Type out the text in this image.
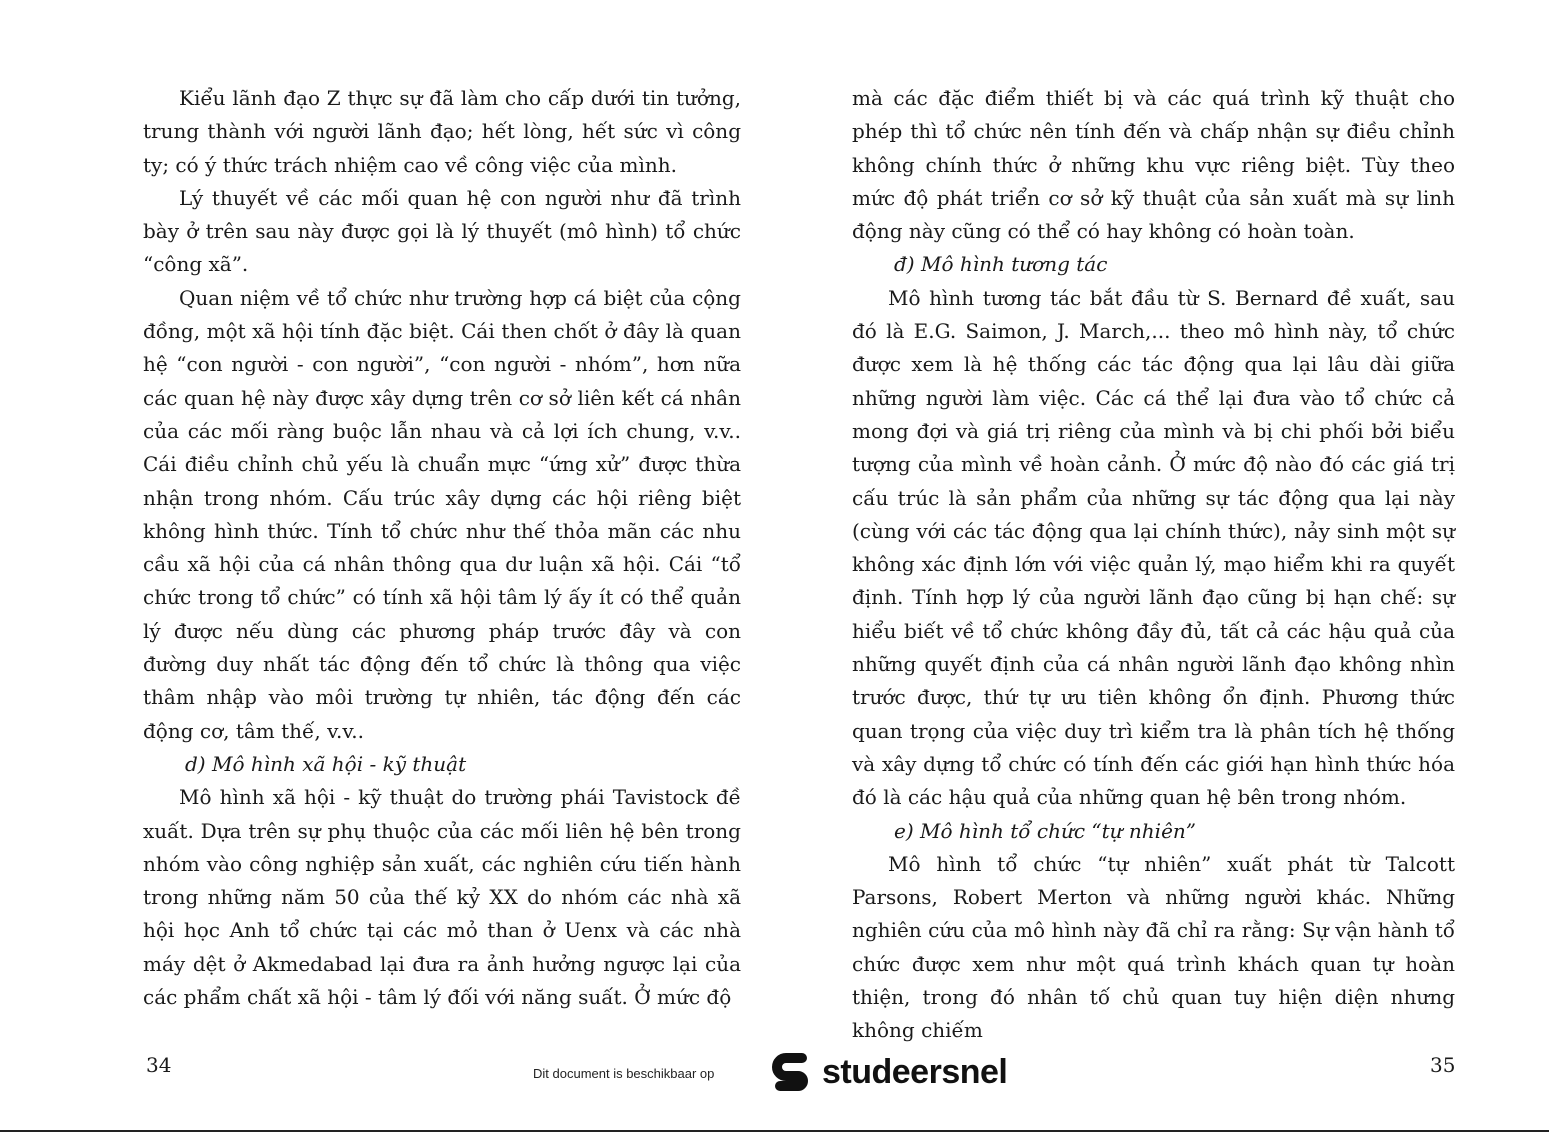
Kiểu lãnh đạo Z thực sự đã làm cho cấp dưới tin tưởng, trung thành với người lãnh đạo; hết lòng, hết sức vì công ty; có ý thức trách nhiệm cao về công việc của mình.

Lý thuyết về các mối quan hệ con người như đã trình bày ở trên sau này được gọi là lý thuyết (mô hình) tổ chức “công xã”.

Quan niệm về tổ chức như trường hợp cá biệt của cộng đồng, một xã hội tính đặc biệt. Cái then chốt ở đây là quan hệ “con người - con người”, “con người - nhóm”, hơn nữa các quan hệ này được xây dựng trên cơ sở liên kết cá nhân của các mối ràng buộc lẫn nhau và cả lợi ích chung, v.v.. Cái điều chỉnh chủ yếu là chuẩn mực “ứng xử” được thừa nhận trong nhóm. Cấu trúc xây dựng các hội riêng biệt không hình thức. Tính tổ chức như thế thỏa mãn các nhu cầu xã hội của cá nhân thông qua dư luận xã hội. Cái “tổ chức trong tổ chức” có tính xã hội tâm lý ấy ít có thể quản lý được nếu dùng các phương pháp trước đây và con đường duy nhất tác động đến tổ chức là thông qua việc thâm nhập vào môi trường tự nhiên, tác động đến các động cơ, tâm thế, v.v..

d) Mô hình xã hội - kỹ thuật

Mô hình xã hội - kỹ thuật do trường phái Tavistock đề xuất. Dựa trên sự phụ thuộc của các mối liên hệ bên trong nhóm vào công nghiệp sản xuất, các nghiên cứu tiến hành trong những năm 50 của thế kỷ XX do nhóm các nhà xã hội học Anh tổ chức tại các mỏ than ở Uenx và các nhà máy dệt ở Akmedabad lại đưa ra ảnh hưởng ngược lại của các phẩm chất xã hội - tâm lý đối với năng suất. Ở mức độ

mà các đặc điểm thiết bị và các quá trình kỹ thuật cho phép thì tổ chức nên tính đến và chấp nhận sự điều chỉnh không chính thức ở những khu vực riêng biệt. Tùy theo mức độ phát triển cơ sở kỹ thuật của sản xuất mà sự linh động này cũng có thể có hay không có hoàn toàn.

đ) Mô hình tương tác

Mô hình tương tác bắt đầu từ S. Bernard đề xuất, sau đó là E.G. Saimon, J. March,... theo mô hình này, tổ chức được xem là hệ thống các tác động qua lại lâu dài giữa những người làm việc. Các cá thể lại đưa vào tổ chức cả mong đợi và giá trị riêng của mình và bị chi phối bởi biểu tượng của mình về hoàn cảnh. Ở mức độ nào đó các giá trị cấu trúc là sản phẩm của những sự tác động qua lại này (cùng với các tác động qua lại chính thức), nảy sinh một sự không xác định lớn với việc quản lý, mạo hiểm khi ra quyết định. Tính hợp lý của người lãnh đạo cũng bị hạn chế: sự hiểu biết về tổ chức không đầy đủ, tất cả các hậu quả của những quyết định của cá nhân người lãnh đạo không nhìn trước được, thứ tự ưu tiên không ổn định. Phương thức quan trọng của việc duy trì kiểm tra là phân tích hệ thống và xây dựng tổ chức có tính đến các giới hạn hình thức hóa đó là các hậu quả của những quan hệ bên trong nhóm.

e) Mô hình tổ chức “tự nhiên”

Mô hình tổ chức “tự nhiên” xuất phát từ Talcott Parsons, Robert Merton và những người khác. Những nghiên cứu của mô hình này đã chỉ ra rằng: Sự vận hành tổ chức được xem như một quá trình khách quan tự hoàn thiện, trong đó nhân tố chủ quan tuy hiện diện nhưng không chiếm

34	35
Dit document is beschikbaar op	studeersnel
